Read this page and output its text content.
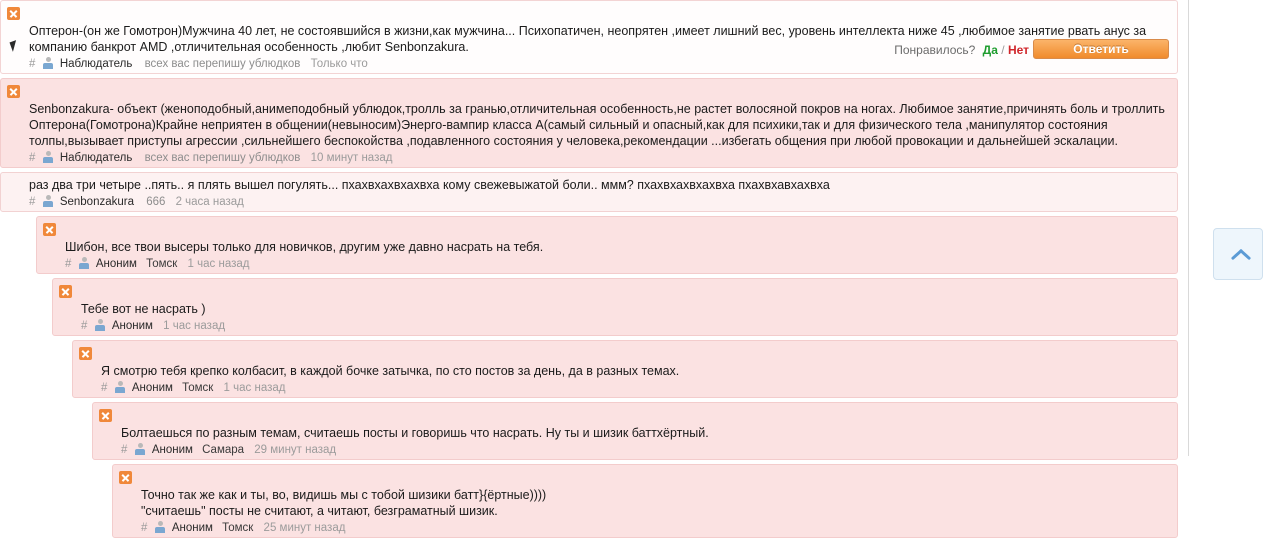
Оптерон-(он же Гомотрон)Мужчина 40 лет, не состоявшийся в жизни,как мужчина... Психопатичен, неопрятен ,имеет лишний вес, уровень интеллекта ниже 45 ,любимое занятие рвать анус за компанию банкрот AMD ,отличительная особенность ,любит Senbonzakura.
# Наблюдатель всех вас перепишу ублюдков Только что
Понравилось? Да / Нет	Ответить
Senbonzakura- объект (женоподобный,анимеподобный ублюдок,тролль за гранью,отличительная особенность,не растет волосяной покров на ногах. Любимое занятие,причинять боль и троллить Оптерона(Гомотрона)Крайне неприятен в общении(невыносим)Энерго-вампир класса А(самый сильный и опасный,как для психики,так и для физического тела ,манипулятор состояния толпы,вызывает приступы агрессии ,сильнейшего беспокойства ,подавленного состояния у человека,рекомендации ...избегать общения при любой провокации и дальнейшей эскалации.
# Наблюдатель всех вас перепишу ублюдков 10 минут назад
раз два три четыре ..пять.. я плять вышел погулять... пхахвхахвхахвха кому свежевыжатой боли.. ммм? пхахвхахвхахвха пхахвхавхахвха
# Senbonzakura 666 2 часа назад
Шибон, все твои высеры только для новичков, другим уже давно насрать на тебя.
# Аноним Томск 1 час назад
Тебе вот не насрать )
# Аноним 1 час назад
Я смотрю тебя крепко колбасит, в каждой бочке затычка, по сто постов за день, да в разных темах.
# Аноним Томск 1 час назад
Болтаешься по разным темам, считаешь посты и говоришь что насрать. Ну ты и шизик баттхёртный.
# Аноним Самара 29 минут назад
Точно так же как и ты, во, видишь мы с тобой шизики батт}{ёртные))))
"считаешь" посты не считают, а читают, безграматный шизик.
# Аноним Томск 25 минут назад
